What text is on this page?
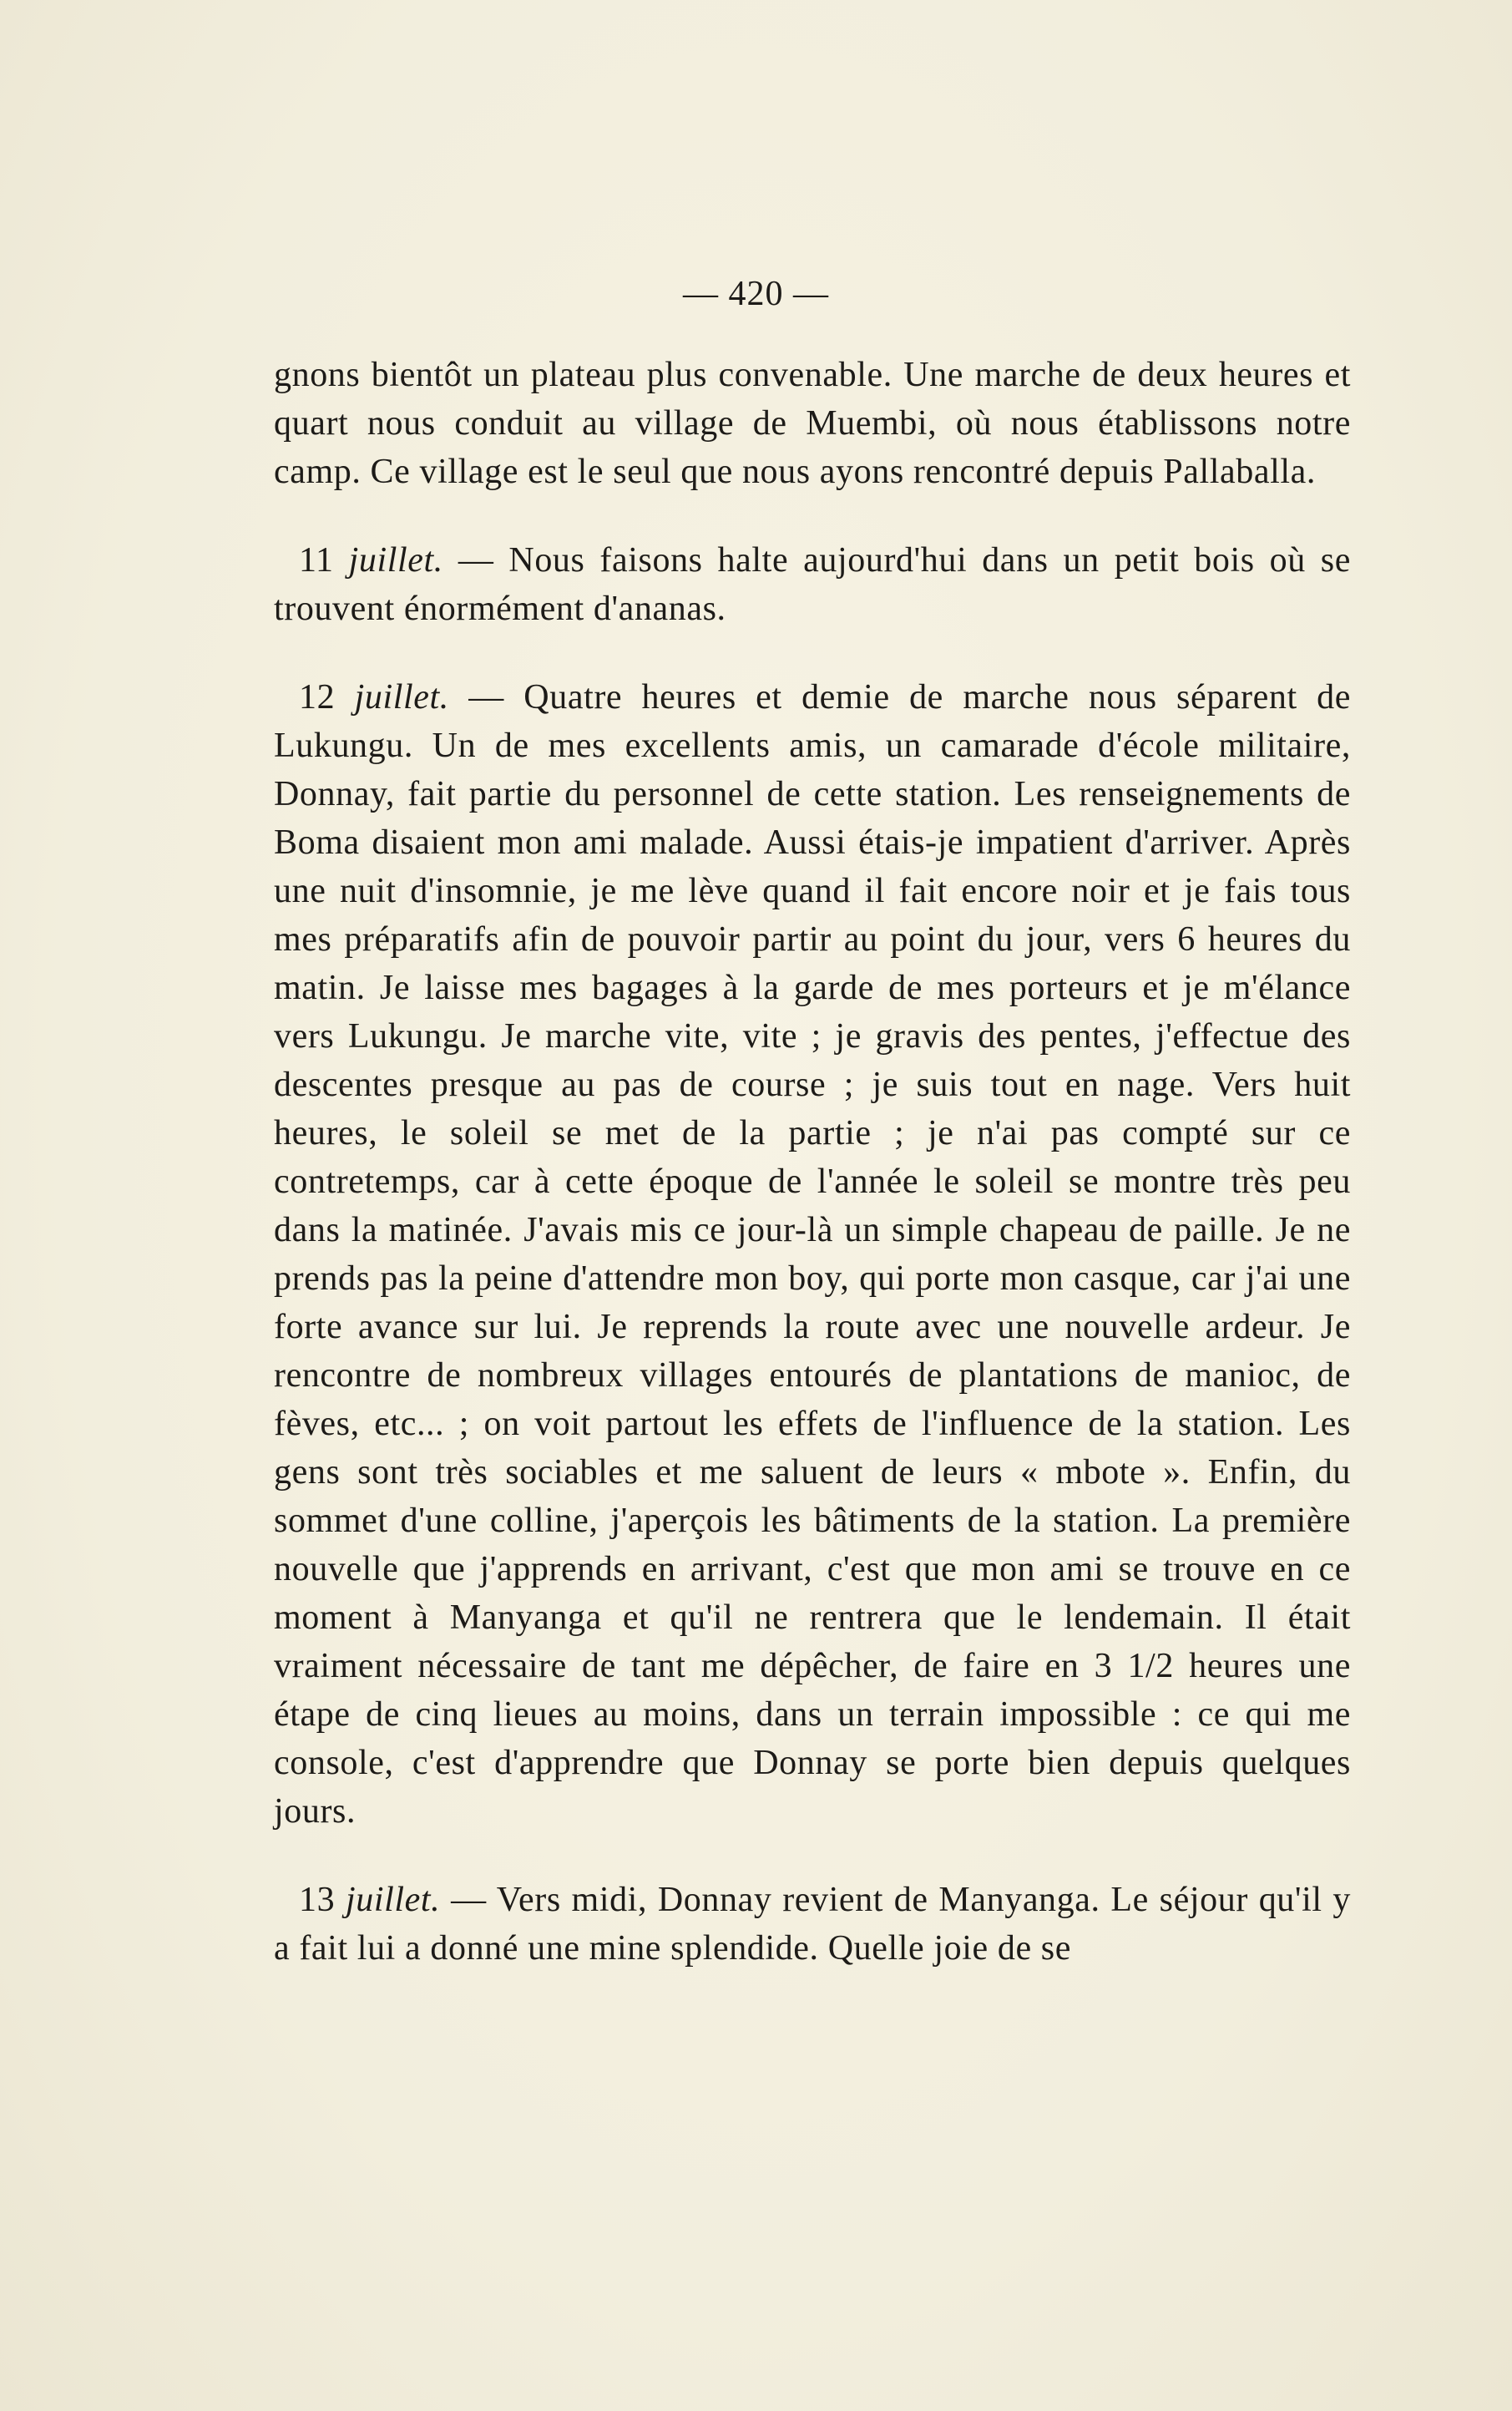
— 420 —

gnons bientôt un plateau plus convenable. Une marche de deux heures et quart nous conduit au village de Muembi, où nous établissons notre camp. Ce village est le seul que nous ayons rencontré depuis Pallaballa.

11 juillet. — Nous faisons halte aujourd'hui dans un petit bois où se trouvent énormément d'ananas.

12 juillet. — Quatre heures et demie de marche nous séparent de Lukungu. Un de mes excellents amis, un camarade d'école militaire, Donnay, fait partie du personnel de cette station. Les renseignements de Boma disaient mon ami malade. Aussi étais-je impatient d'arriver. Après une nuit d'insomnie, je me lève quand il fait encore noir et je fais tous mes préparatifs afin de pouvoir partir au point du jour, vers 6 heures du matin. Je laisse mes bagages à la garde de mes porteurs et je m'élance vers Lukungu. Je marche vite, vite ; je gravis des pentes, j'effectue des descentes presque au pas de course ; je suis tout en nage. Vers huit heures, le soleil se met de la partie ; je n'ai pas compté sur ce contretemps, car à cette époque de l'année le soleil se montre très peu dans la matinée. J'avais mis ce jour-là un simple chapeau de paille. Je ne prends pas la peine d'attendre mon boy, qui porte mon casque, car j'ai une forte avance sur lui. Je reprends la route avec une nouvelle ardeur. Je rencontre de nombreux villages entourés de plantations de manioc, de fèves, etc... ; on voit partout les effets de l'influence de la station. Les gens sont très sociables et me saluent de leurs « mbote ». Enfin, du sommet d'une colline, j'aperçois les bâtiments de la station. La première nouvelle que j'apprends en arrivant, c'est que mon ami se trouve en ce moment à Manyanga et qu'il ne rentrera que le lendemain. Il était vraiment nécessaire de tant me dépêcher, de faire en 3 1/2 heures une étape de cinq lieues au moins, dans un terrain impossible : ce qui me console, c'est d'apprendre que Donnay se porte bien depuis quelques jours.

13 juillet. — Vers midi, Donnay revient de Manyanga. Le séjour qu'il y a fait lui a donné une mine splendide. Quelle joie de se
